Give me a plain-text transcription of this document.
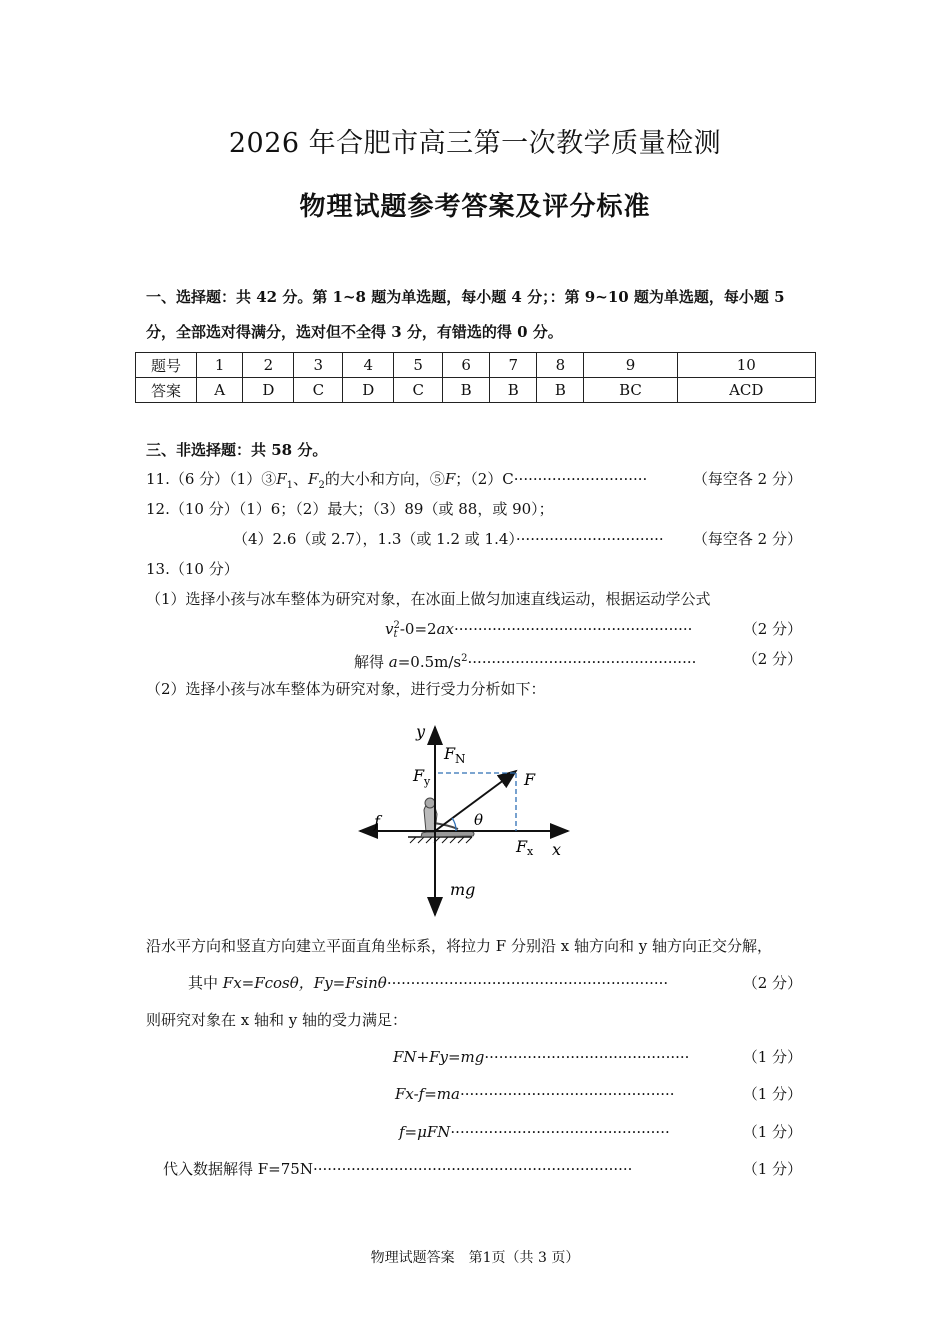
2026 年合肥市高三第一次教学质量检测
物理试题参考答案及评分标准
一、选择题：共 42 分。第 1~8 题为单选题，每小题 4 分；：第 9~10 题为单选题，每小题 5
分，全部选对得满分，选对但不全得 3 分，有错选的得 0 分。
题号	1	2	3	4	5	6	7	8	9	10
答案	A	D	C	D	C	B	B	B	BC	ACD
三、非选择题：共 58 分。
11.（6 分）$(1)③F_1$、$F_2$的大小和方向，⑤F；（2）C····························	（每空各 2 分）
12.（10 分）（1）6；（2）最大；（3）89（或 88，或 90）；
（4）2.6（或 2.7），1.3（或 1.2 或 1.4）······························· （每空各 2 分）
13.（10 分）
（1）选择小孩与冰车整体为研究对象，在冰面上做匀加速直线运动，根据运动学公式
v 2
t -0=2ax··················································	（2 分）
解得 $a=0.5m/s^2\cdot\cdot\cdot\cdot\cdot\cdot\cdot\cdot\cdot\cdot\cdot\cdot\cdot\cdot\cdot\cdot\cdot\cdot\cdot\cdot\cdot\cdot\cdot\cdot\cdot\cdot\cdot\cdot\cdot\cdot\cdot\cdot\cdot\cdot\cdot\cdot\cdot\cdot\cdot\cdot\cdot\cdot\cdot\cdot\cdot\cdot\cdot\cdot$	（2 分）
（2）选择小孩与冰车整体为研究对象，进行受力分析如下：
y
F N
F y	F
f	θ
F x x
mg
沿水平方向和竖直方向建立平面直角坐标系，将拉力 F 分别沿 x 轴方向和 y 轴方向正交分解，
其中 Fx=Fcosθ，Fy=Fsinθ···························································	（2 分）
则研究对象在 x 轴和 y 轴的受力满足：
FN+Fy=mg···········································	（1 分）
Fx-f=ma·············································	（1 分）
f=μFN··············································	（1 分）
代入数据解得 F=75N···································································	（1 分）
物理试题答案　第1页（共 3 页）
